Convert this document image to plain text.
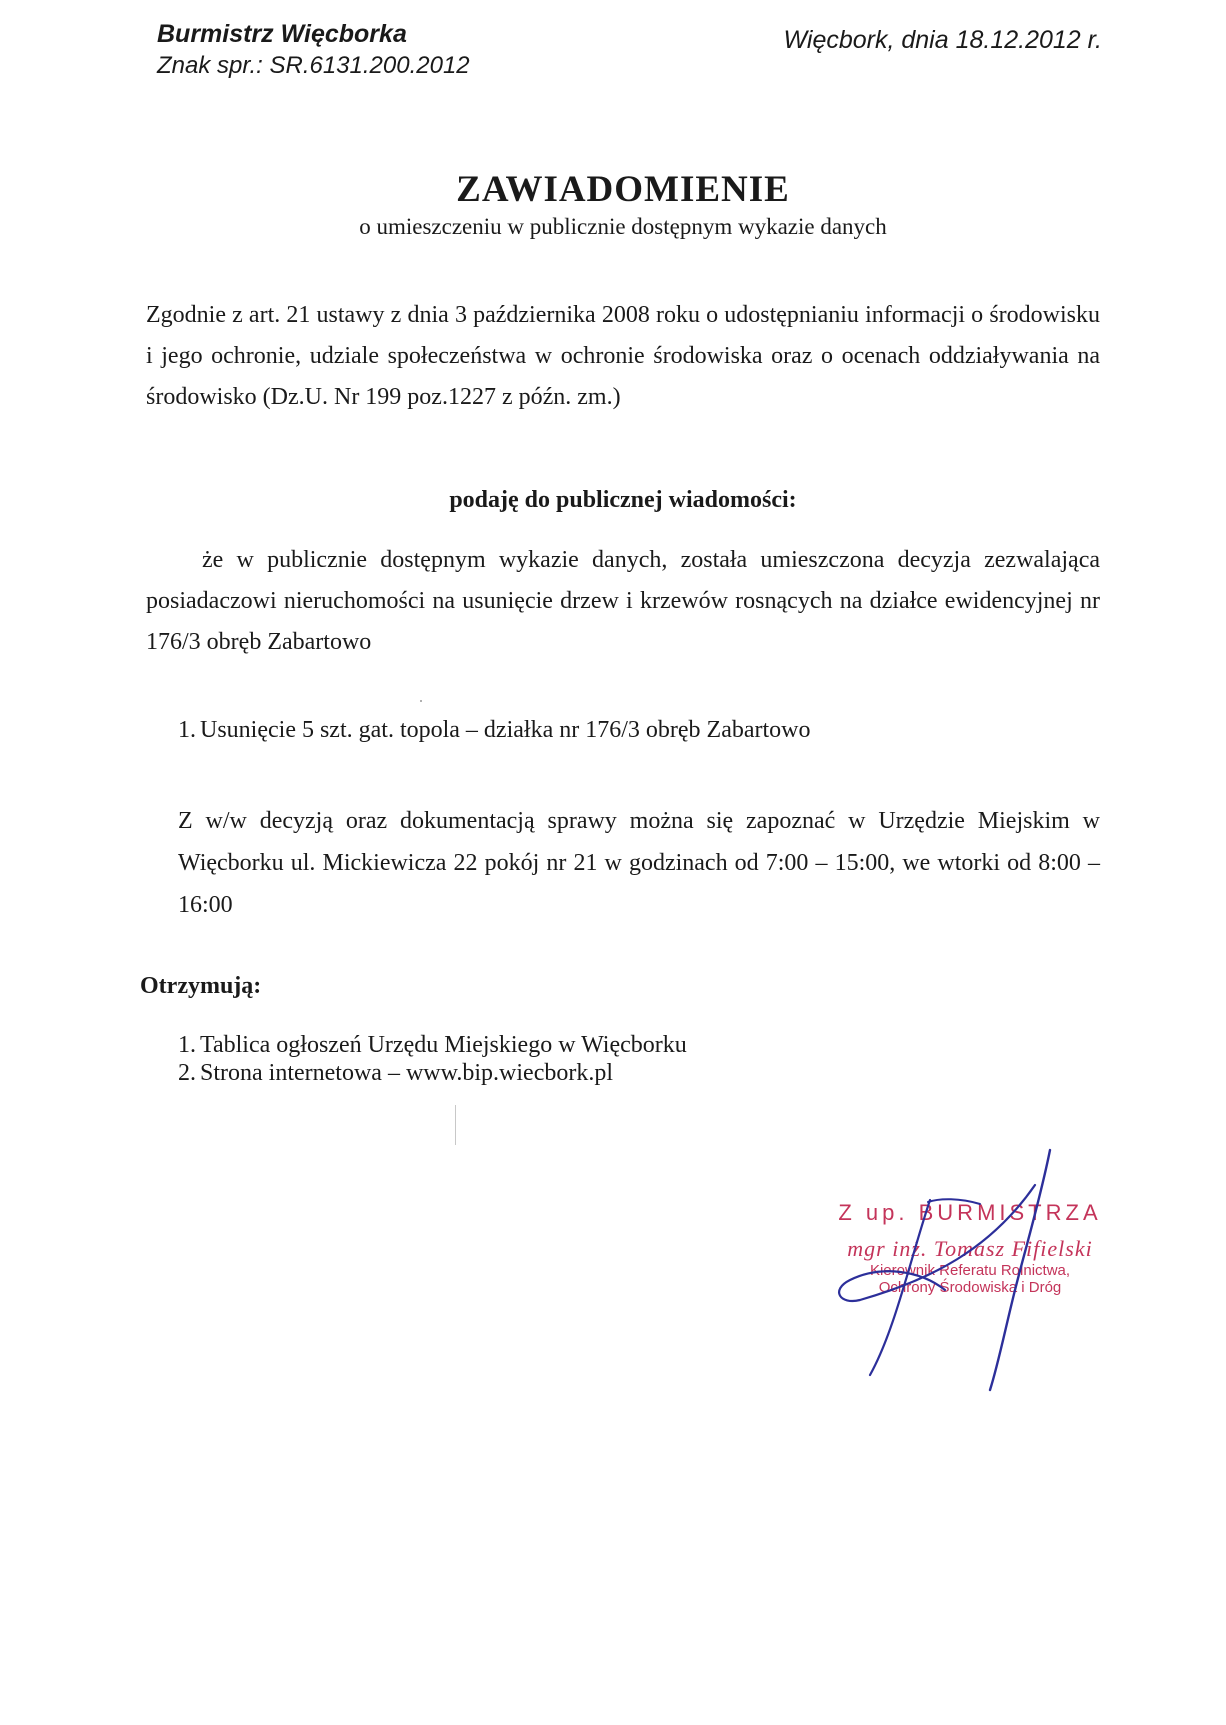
Burmistrz Więcborka
Znak spr.: SR.6131.200.2012
Więcbork, dnia 18.12.2012 r.
ZAWIADOMIENIE
o umieszczeniu w publicznie dostępnym wykazie danych
Zgodnie z art. 21 ustawy z dnia 3 października 2008 roku o udostępnianiu informacji o środowisku i jego ochronie, udziale społeczeństwa w ochronie środowiska oraz o ocenach oddziaływania na środowisko (Dz.U. Nr 199 poz.1227 z późn. zm.)
podaję do publicznej wiadomości:
że w publicznie dostępnym wykazie danych, została umieszczona decyzja zezwalająca posiadaczowi nieruchomości na usunięcie drzew i krzewów rosnących na działce ewidencyjnej nr 176/3 obręb Zabartowo
1. Usunięcie 5 szt. gat. topola – działka nr 176/3 obręb Zabartowo
Z w/w decyzją oraz dokumentacją sprawy można się zapoznać w Urzędzie Miejskim w Więcborku ul. Mickiewicza 22 pokój nr 21 w godzinach od 7:00 – 15:00, we wtorki od 8:00 – 16:00
Otrzymują:
1. Tablica ogłoszeń Urzędu Miejskiego w Więcborku
2. Strona internetowa – www.bip.wiecbork.pl
Z up. BURMISTRZA
mgr inż. Tomasz Fifielski
Kierownik Referatu Rolnictwa,
Ochrony Środowiska i Dróg
